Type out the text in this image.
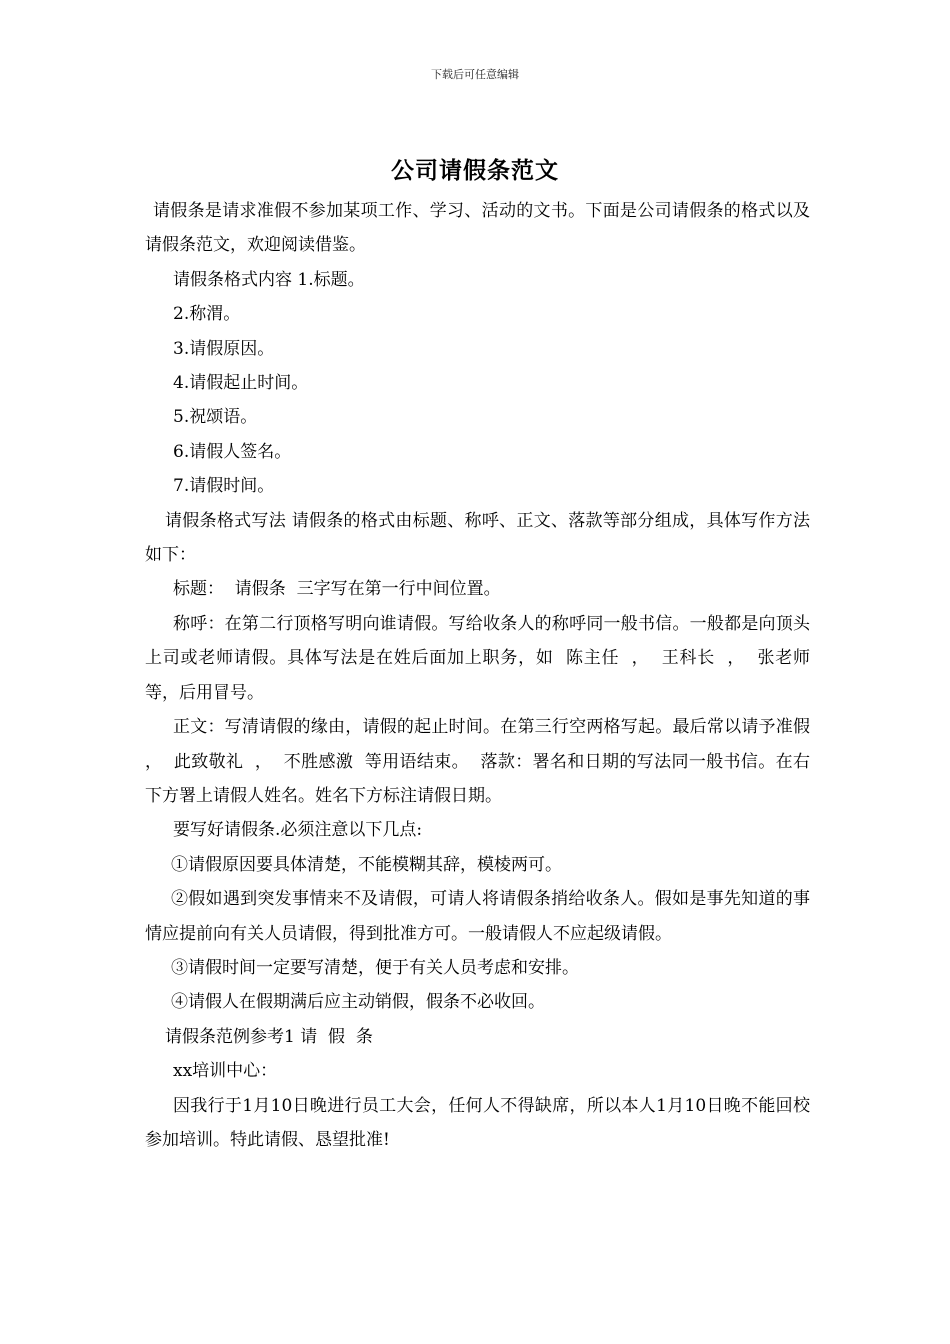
下载后可任意编辑
公司请假条范文

请假条是请求准假不参加某项工作、学习、活动的文书。下面是公司请假条的格式以及请假条范文，欢迎阅读借鉴。

请假条格式内容 1.标题。

2.称渭。

3.请假原因。

4.请假起止时间。

5.祝颂语。

6.请假人签名。

7.请假时间。

请假条格式写法 请假条的格式由标题、称呼、正文、落款等部分组成，具体写作方法如下：

标题：  请假条  三字写在第一行中间位置。

称呼：在第二行顶格写明向谁请假。写给收条人的称呼同一般书信。一般都是向顶头上司或老师请假。具体写法是在姓后面加上职务，如  陈主任  ，  王科长  ，  张老师  等，后用冒号。

正文：写清请假的缘由，请假的起止时间。在第三行空两格写起。最后常以请予准假  ，  此致敬礼  ，  不胜感激  等用语结束。  落款：署名和日期的写法同一般书信。在右下方署上请假人姓名。姓名下方标注请假日期。

要写好请假条.必须注意以下几点:

①请假原因要具体清楚，不能模糊其辞，模棱两可。

②假如遇到突发事情来不及请假，可请人将请假条捎给收条人。假如是事先知道的事情应提前向有关人员请假，得到批准方可。一般请假人不应起级请假。

③请假时间一定要写清楚，便于有关人员考虑和安排。

④请假人在假期满后应主动销假，假条不必收回。

请假条范例参考1 请  假  条

xx培训中心：

因我行于1月10日晚进行员工大会，任何人不得缺席，所以本人1月10日晚不能回校参加培训。特此请假、恳望批准!
